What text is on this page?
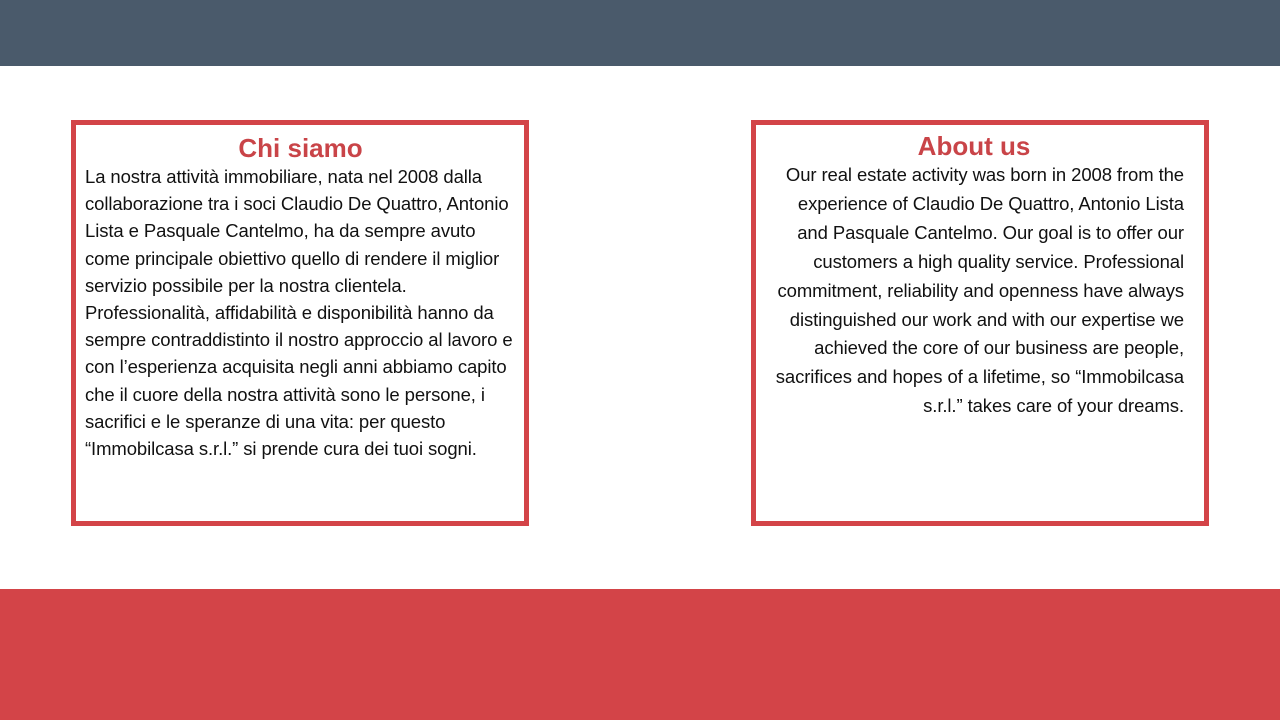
Chi siamo

La nostra attività immobiliare, nata nel 2008 dalla collaborazione tra i soci Claudio De Quattro, Antonio Lista e Pasquale Cantelmo, ha da sempre avuto come principale obiettivo quello di rendere il miglior servizio possibile per la nostra clientela. Professionalità, affidabilità e disponibilità hanno da sempre contraddistinto il nostro approccio al lavoro e con l’esperienza acquisita negli anni abbiamo capito che il cuore della nostra attività sono le persone, i sacrifici e le speranze di una vita: per questo “Immobilcasa s.r.l.” si prende cura dei tuoi sogni.

About us

Our real estate activity was born in 2008 from the experience of Claudio De Quattro, Antonio Lista and Pasquale Cantelmo. Our goal is to offer our customers a high quality service. Professional commitment, reliability and openness have always distinguished our work and with our expertise we achieved the core of our business are people, sacrifices and hopes of a lifetime, so “Immobilcasa s.r.l.” takes care of your dreams.
